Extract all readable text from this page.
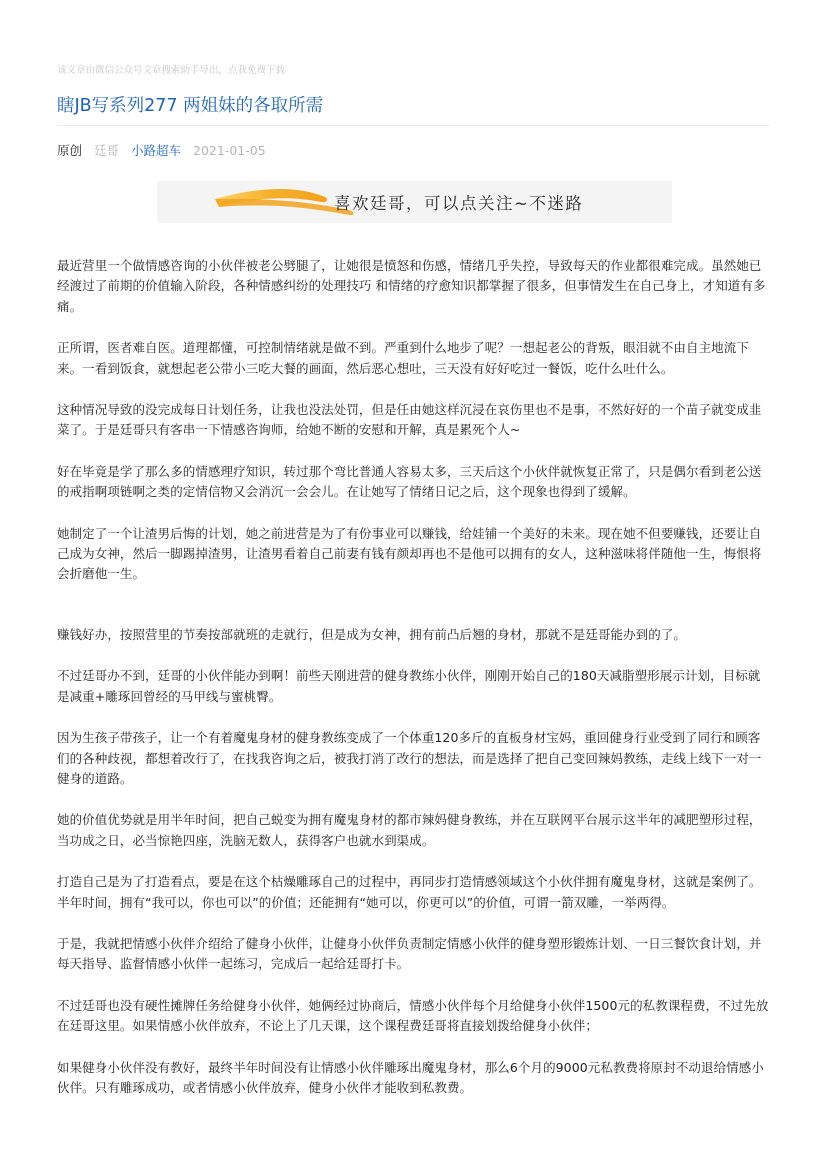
该文章由微信公众号文章搜索助手导出，点我免费下载
瞎JB写系列277 两姐妹的各取所需
原创 廷哥 小路超车 2021-01-05
喜欢廷哥，可以点关注~不迷路

最近营里一个做情感咨询的小伙伴被老公劈腿了，让她很是愤怒和伤感，情绪几乎失控，导致每天的作业都很难完成。虽然她已经渡过了前期的价值输入阶段，各种情感纠纷的处理技巧 和情绪的疗愈知识都掌握了很多，但事情发生在自己身上，才知道有多痛。

正所谓，医者难自医。道理都懂，可控制情绪就是做不到。严重到什么地步了呢？一想起老公的背叛，眼泪就不由自主地流下来。一看到饭食，就想起老公带小三吃大餐的画面，然后恶心想吐，三天没有好好吃过一餐饭，吃什么吐什么。

这种情况导致的没完成每日计划任务，让我也没法处罚，但是任由她这样沉浸在哀伤里也不是事，不然好好的一个苗子就变成韭菜了。于是廷哥只有客串一下情感咨询师，给她不断的安慰和开解，真是累死个人~

好在毕竟是学了那么多的情感理疗知识，转过那个弯比普通人容易太多，三天后这个小伙伴就恢复正常了，只是偶尔看到老公送的戒指啊项链啊之类的定情信物又会消沉一会会儿。在让她写了情绪日记之后，这个现象也得到了缓解。

她制定了一个让渣男后悔的计划，她之前进营是为了有份事业可以赚钱，给娃铺一个美好的未来。现在她不但要赚钱，还要让自己成为女神，然后一脚踢掉渣男，让渣男看着自己前妻有钱有颜却再也不是他可以拥有的女人，这种滋味将伴随他一生，悔恨将会折磨他一生。

赚钱好办，按照营里的节奏按部就班的走就行，但是成为女神，拥有前凸后翘的身材，那就不是廷哥能办到的了。

不过廷哥办不到，廷哥的小伙伴能办到啊！前些天刚进营的健身教练小伙伴，刚刚开始自己的180天减脂塑形展示计划，目标就是减重+雕琢回曾经的马甲线与蜜桃臀。

因为生孩子带孩子，让一个有着魔鬼身材的健身教练变成了一个体重120多斤的直板身材宝妈，重回健身行业受到了同行和顾客们的各种歧视，都想着改行了，在找我咨询之后，被我打消了改行的想法，而是选择了把自己变回辣妈教练，走线上线下一对一健身的道路。

她的价值优势就是用半年时间，把自己蜕变为拥有魔鬼身材的都市辣妈健身教练，并在互联网平台展示这半年的减肥塑形过程，当功成之日，必当惊艳四座，洗脑无数人，获得客户也就水到渠成。

打造自己是为了打造看点，要是在这个枯燥雕琢自己的过程中，再同步打造情感领域这个小伙伴拥有魔鬼身材，这就是案例了。半年时间，拥有“我可以，你也可以”的价值；还能拥有“她可以，你更可以”的价值，可谓一箭双雕，一举两得。

于是，我就把情感小伙伴介绍给了健身小伙伴，让健身小伙伴负责制定情感小伙伴的健身塑形锻炼计划、一日三餐饮食计划，并每天指导、监督情感小伙伴一起练习，完成后一起给廷哥打卡。

不过廷哥也没有硬性摊牌任务给健身小伙伴，她俩经过协商后，情感小伙伴每个月给健身小伙伴1500元的私教课程费，不过先放在廷哥这里。如果情感小伙伴放弃，不论上了几天课，这个课程费廷哥将直接划拨给健身小伙伴；

如果健身小伙伴没有教好，最终半年时间没有让情感小伙伴雕琢出魔鬼身材，那么6个月的9000元私教费将原封不动退给情感小伙伴。只有雕琢成功，或者情感小伙伴放弃，健身小伙伴才能收到私教费。
